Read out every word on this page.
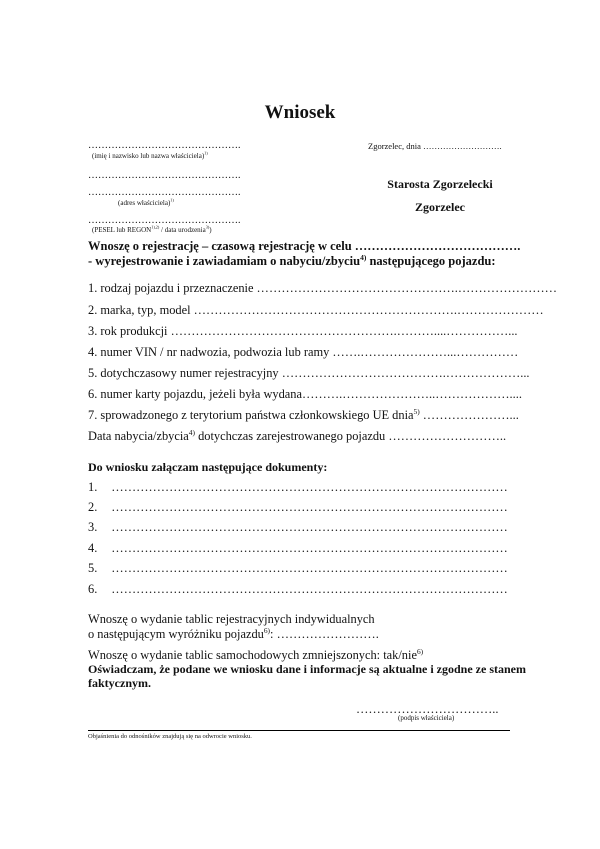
Wniosek
……………………………………….
(imię i nazwisko lub nazwa właściciela)$^{1)}$
……………………………………….
……………………………………….
(adres właściciela)$^{1)}$
……………………………………….
(PESEL lub $REGON^{1),2)}$ / data urodzenia$^{3)}$)
Zgorzelec, dnia ……………………….
Starosta Zgorzelecki
Zgorzelec
Wnoszę o rejestrację – czasową rejestrację w celu ………………………………….
- wyrejestrowanie i zawiadamiam o nabyciu/zbyciu$^{4)}$ następującego pojazdu:
1. rodzaj pojazdu i przeznaczenie ………………………………………….……………………
2. marka, typ, model ……………………………………………………….…………………
3. rok produkcji ……………………………………………….………....……………...
4. numer VIN / nr nadwozia, podwozia lub ramy …….…………………...……………
5. dotychczasowy numer rejestracyjny ………………………………….………………...
6. numer karty pojazdu, jeżeli była wydana……….…………………..………………....
7. sprowadzonego z terytorium państwa członkowskiego UE dnia$^{5)}$ …………………...
Data nabycia/zbycia$^{4)}$ dotychczas zarejestrowanego pojazdu ………………………..
Do wniosku załączam następujące dokumenty:
1. ……………………………………………………………………………………
2. ……………………………………………………………………………………
3. ……………………………………………………………………………………
4. ……………………………………………………………………………………
5. ……………………………………………………………………………………
6. ……………………………………………………………………………………
Wnoszę o wydanie tablic rejestracyjnych indywidualnych
o następującym wyróżniku pojazdu$^{6)}$: …………………….
Wnoszę o wydanie tablic samochodowych zmniejszonych: tak/nie$^{6)}$
Oświadczam, że podane we wniosku dane i informacje są aktualne i zgodne ze stanem
faktycznym.
……………………………..
(podpis właściciela)
Objaśnienia do odnośników znajdują się na odwrocie wniosku.
